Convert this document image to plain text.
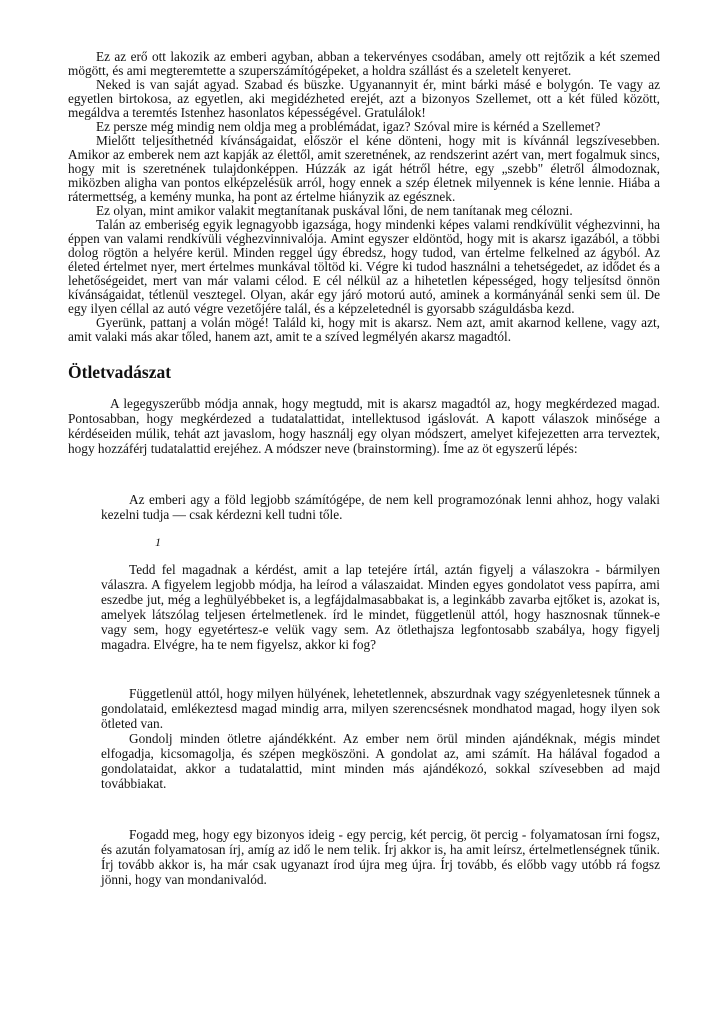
Ez az erő ott lakozik az emberi agyban, abban a tekervényes csodában, amely ott rejtőzik a két szemed mögött, és ami megteremtette a szuperszámítógépeket, a holdra szállást és a szeletelt kenyeret.

Neked is van saját agyad. Szabad és büszke. Ugyanannyit ér, mint bárki másé e bolygón. Te vagy az egyetlen birtokosa, az egyetlen, aki megidézheted erejét, azt a bizonyos Szellemet, ott a két füled között, megáldva a teremtés Istenhez hasonlatos képességével. Gratulálok!

Ez persze még mindig nem oldja meg a problémádat, igaz? Szóval mire is kérnéd a Szellemet?

Mielőtt teljesíthetnéd kívánságaidat, először el kéne dönteni, hogy mit is kívánnál legszívesebben. Amikor az emberek nem azt kapják az élettől, amit szeretnének, az rendszerint azért van, mert fogalmuk sincs, hogy mit is szeretnének tulajdonképpen. Húzzák az igát hétről hétre, egy „szebb" életről álmodoznak, miközben aligha van pontos elképzelésük arról, hogy ennek a szép életnek milyennek is kéne lennie. Hiába a rátermettség, a kemény munka, ha pont az értelme hiányzik az egésznek.

Ez olyan, mint amikor valakit megtanítanak puskával lőni, de nem tanítanak meg célozni.

Talán az emberiség egyik legnagyobb igazsága, hogy mindenki képes valami rendkívülit véghezvinni, ha éppen van valami rendkívüli véghezvinnivalója. Amint egyszer eldöntöd, hogy mit is akarsz igazából, a többi dolog rögtön a helyére kerül. Minden reggel úgy ébredsz, hogy tudod, van értelme felkelned az ágyból. Az életed értelmet nyer, mert értelmes munkával töltöd ki. Végre ki tudod használni a tehetségedet, az idődet és a lehetőségeidet, mert van már valami célod. E cél nélkül az a hihetetlen képességed, hogy teljesítsd önnön kívánságaidat, tétlenül vesztegel. Olyan, akár egy járó motorú autó, aminek a kormányánál senki sem ül. De egy ilyen céllal az autó végre vezetőjére talál, és a képzeletednél is gyorsabb száguldásba kezd.

Gyerünk, pattanj a volán mögé! Találd ki, hogy mit is akarsz. Nem azt, amit akarnod kellene, vagy azt, amit valaki más akar tőled, hanem azt, amit te a szíved legmélyén akarsz magadtól.

Ötletvadászat

A legegyszerűbb módja annak, hogy megtudd, mit is akarsz magadtól az, hogy megkérdezed magad. Pontosabban, hogy megkérdezed a tudatalattidat, intellektusod igáslovát. A kapott válaszok minősége a kérdéseiden múlik, tehát azt javaslom, hogy használj egy olyan módszert, amelyet kifejezetten arra terveztek, hogy hozzáférj tudatalattid erejéhez. A módszer neve (brainstorming). Íme az öt egyszerű lépés:

Az emberi agy a föld legjobb számítógépe, de nem kell programozónak lenni ahhoz, hogy valaki kezelni tudja — csak kérdezni kell tudni tőle.

1

Tedd fel magadnak a kérdést, amit a lap tetejére írtál, aztán figyelj a válaszokra - bármilyen válaszra. A figyelem legjobb módja, ha leírod a válaszaidat. Minden egyes gondolatot vess papírra, ami eszedbe jut, még a leghülyébbeket is, a legfájdalmasabbakat is, a leginkább zavarba ejtőket is, azokat is, amelyek látszólag teljesen értelmetlenek. írd le mindet, függetlenül attól, hogy hasznosnak tűnnek-e vagy sem, hogy egyetértesz-e velük vagy sem. Az ötlethajsza legfontosabb szabálya, hogy figyelj magadra. Elvégre, ha te nem figyelsz, akkor ki fog?

Függetlenül attól, hogy milyen hülyének, lehetetlennek, abszurdnak vagy szégyenletesnek tűnnek a gondolataid, emlékeztesd magad mindig arra, milyen szerencsésnek mondhatod magad, hogy ilyen sok ötleted van.

Gondolj minden ötletre ajándékként. Az ember nem örül minden ajándéknak, mégis mindet elfogadja, kicsomagolja, és szépen megköszöni. A gondolat az, ami számít. Ha hálával fogadod a gondolataidat, akkor a tudatalattid, mint minden más ajándékozó, sokkal szívesebben ad majd továbbiakat.

Fogadd meg, hogy egy bizonyos ideig - egy percig, két percig, öt percig - folyamatosan írni fogsz, és azután folyamatosan írj, amíg az idő le nem telik. Írj akkor is, ha amit leírsz, értelmetlenségnek tűnik. Írj tovább akkor is, ha már csak ugyanazt írod újra meg újra. Írj tovább, és előbb vagy utóbb rá fogsz jönni, hogy van mondanivalód.
